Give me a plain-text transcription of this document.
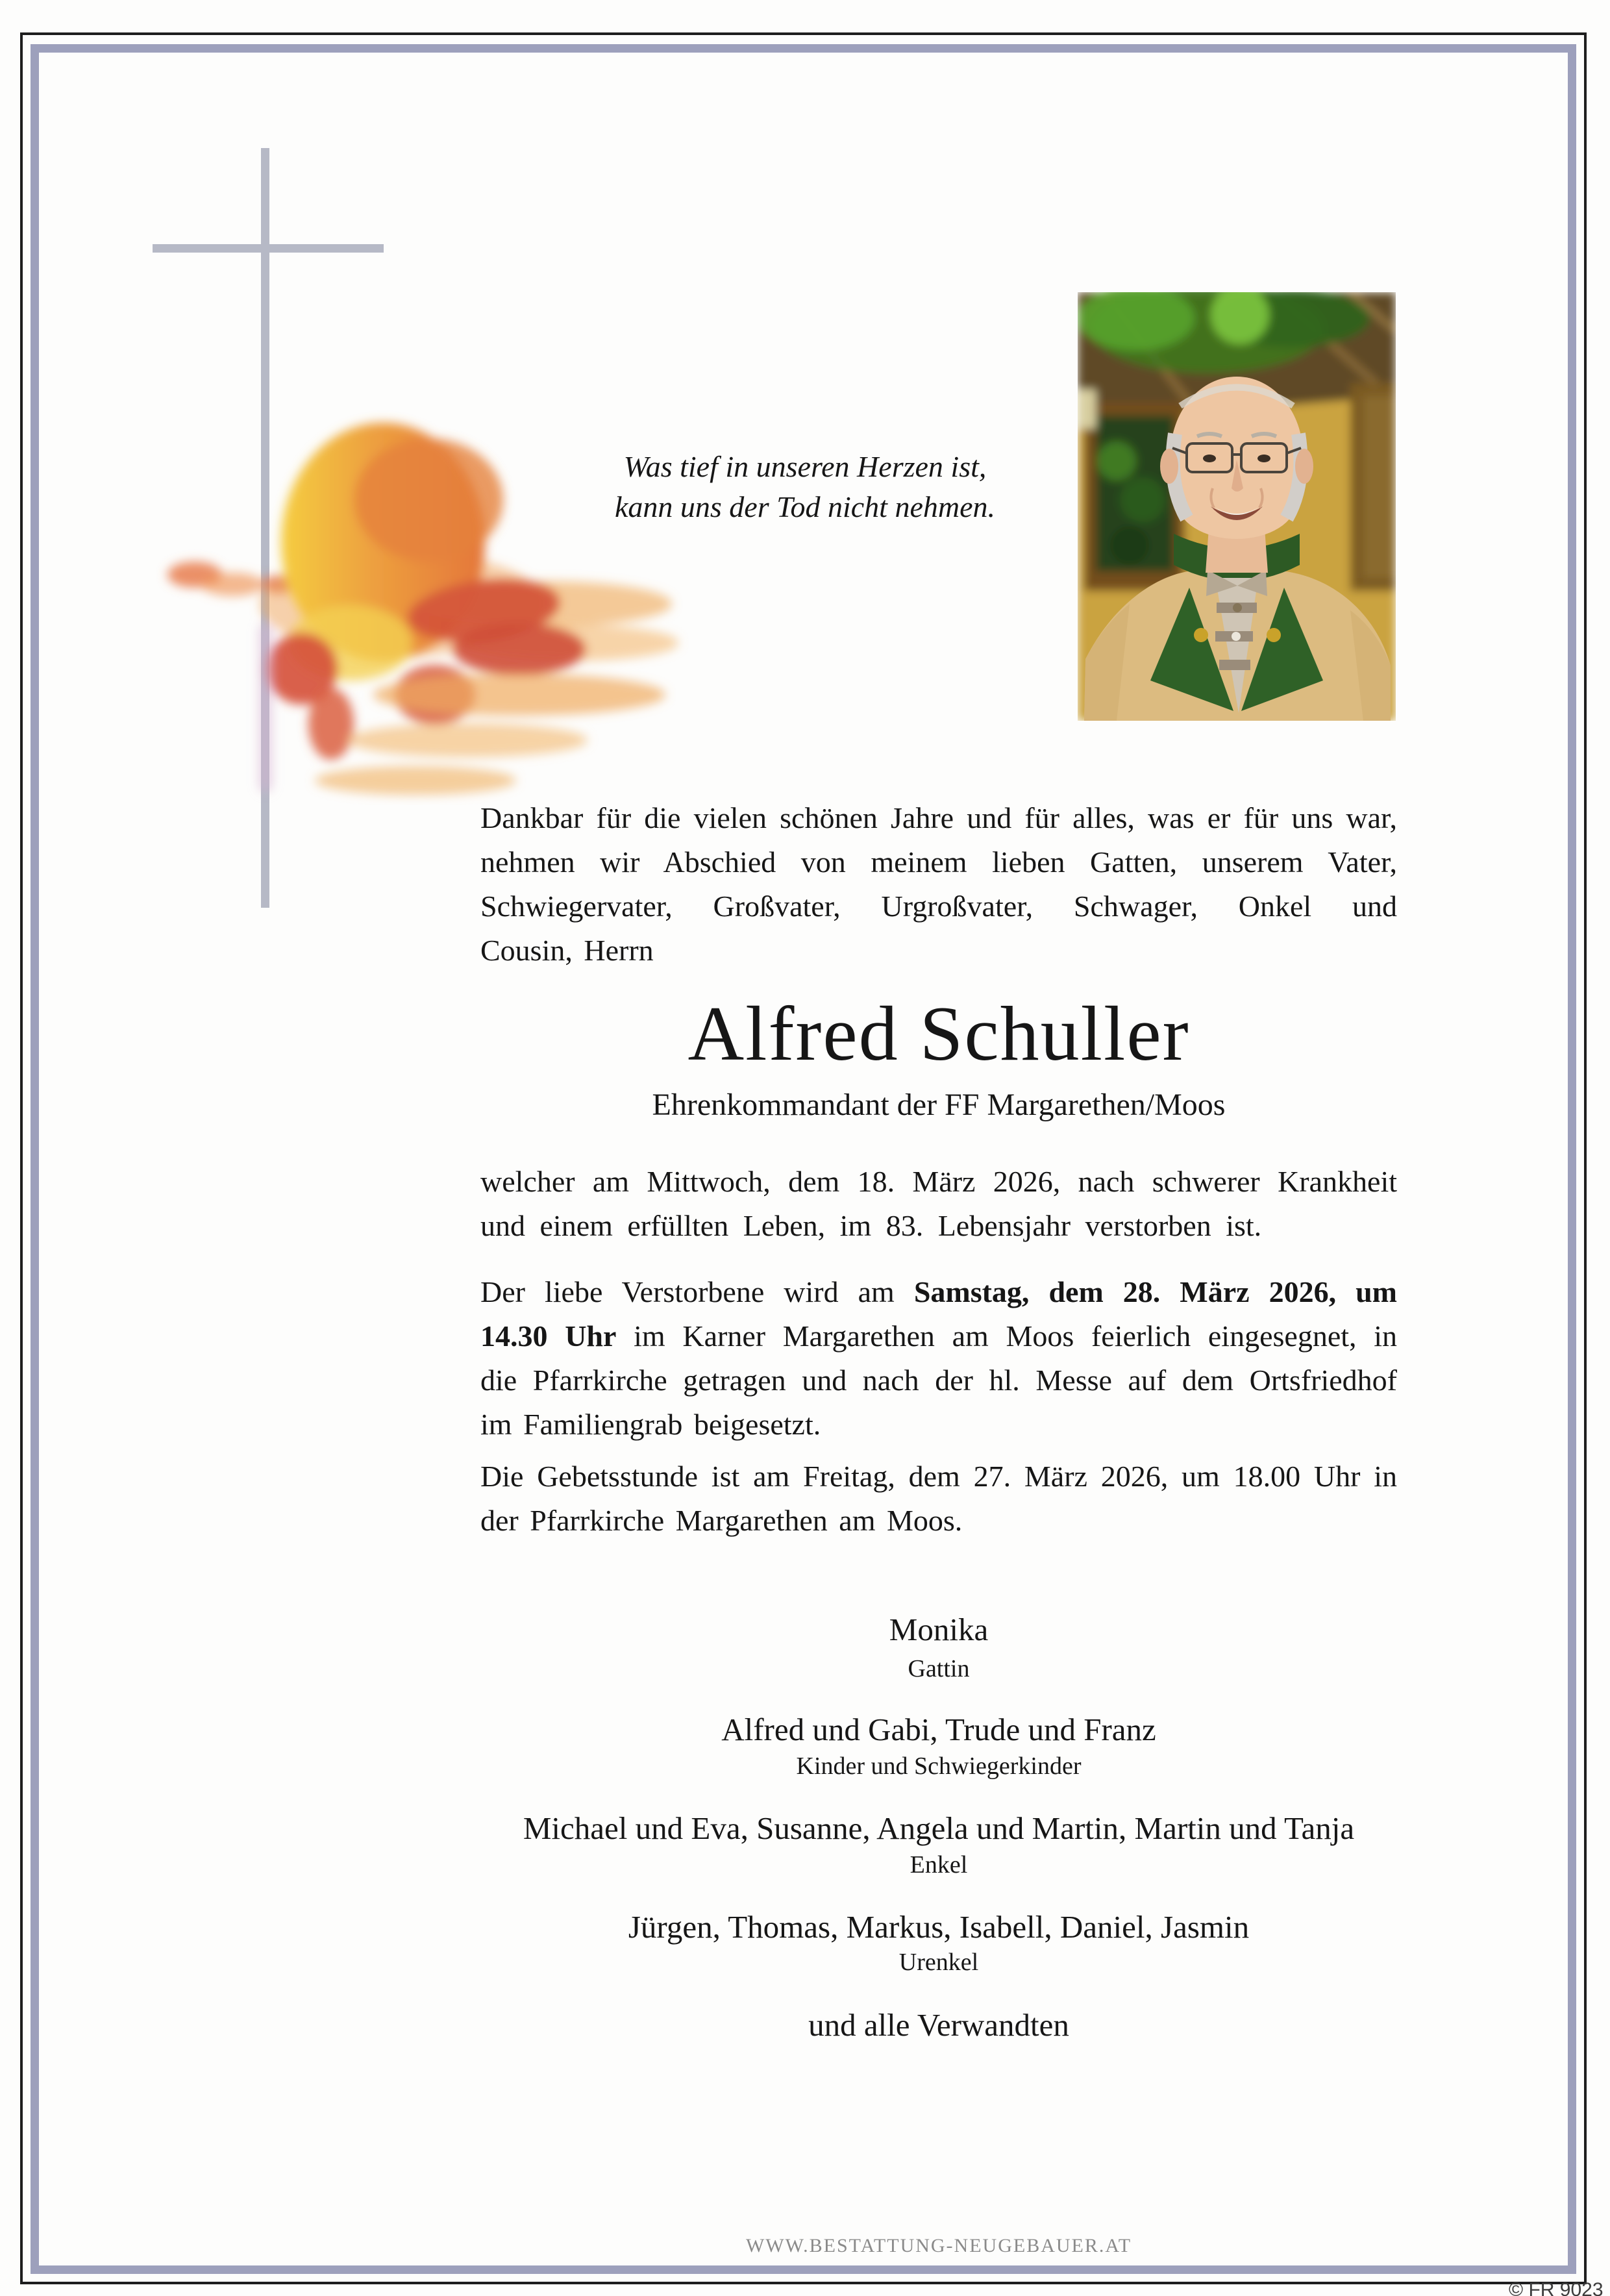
Was tief in unseren Herzen ist,
kann uns der Tod nicht nehmen.
Dankbar für die vielen schönen Jahre und für alles, was er für uns war,
nehmen wir Abschied von meinem lieben Gatten, unserem Vater,
Schwiegervater, Großvater, Urgroßvater, Schwager, Onkel und
Cousin, Herrn
Alfred Schuller
Ehrenkommandant der FF Margarethen/Moos
welcher am Mittwoch, dem 18. März 2026, nach schwerer Krankheit
und einem erfüllten Leben, im 83. Lebensjahr verstorben ist.
Der liebe Verstorbene wird am Samstag, dem 28. März 2026, um
14.30 Uhr im Karner Margarethen am Moos feierlich eingesegnet, in
die Pfarrkirche getragen und nach der hl. Messe auf dem Ortsfriedhof
im Familiengrab beigesetzt.
Die Gebetsstunde ist am Freitag, dem 27. März 2026, um 18.00 Uhr in
der Pfarrkirche Margarethen am Moos.
Monika
Gattin
Alfred und Gabi, Trude und Franz
Kinder und Schwiegerkinder
Michael und Eva, Susanne, Angela und Martin, Martin und Tanja
Enkel
Jürgen, Thomas, Markus, Isabell, Daniel, Jasmin
Urenkel
und alle Verwandten
WWW.BESTATTUNG-NEUGEBAUER.AT
© FR 9023
